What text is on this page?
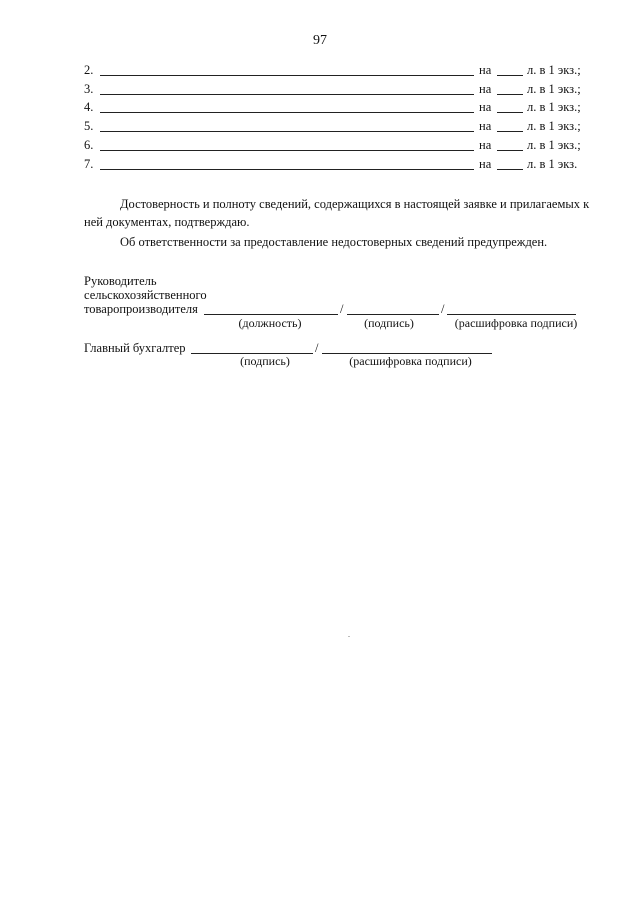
97
2.	на	л. в 1 экз.;
3.	на	л. в 1 экз.;
4.	на	л. в 1 экз.;
5.	на	л. в 1 экз.;
6.	на	л. в 1 экз.;
7.	на	л. в 1 экз.
Достоверность и полноту сведений, содержащихся в настоящей заявке и прилагаемых к ней документах, подтверждаю.
Об ответственности за предоставление недостоверных сведений предупрежден.
Руководитель
сельскохозяйственного
товаропроизводителя	/	/
(должность)	(подпись)	(расшифровка подписи)
Главный бухгалтер	/
(подпись)	(расшифровка подписи)
